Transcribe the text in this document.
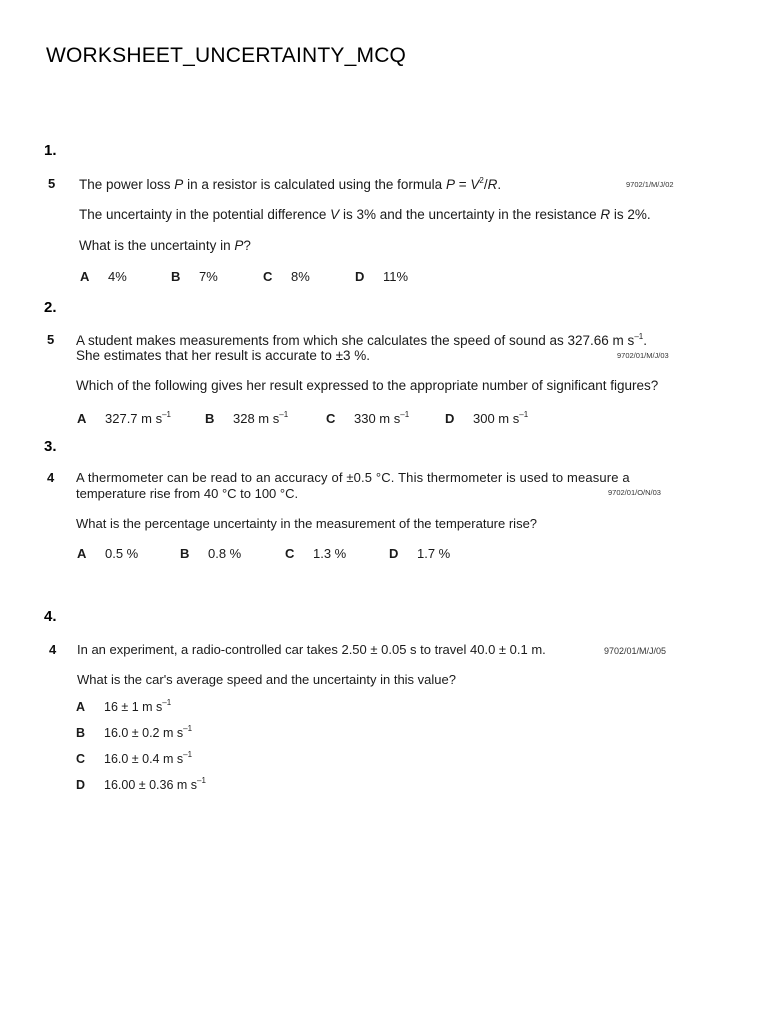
WORKSHEET_UNCERTAINTY_MCQ
1.
5 The power loss P in a resistor is calculated using the formula $P = V^2/R$.	9702/1/M/J/02
The uncertainty in the potential difference V is 3% and the uncertainty in the resistance R is 2%.
What is the uncertainty in P?
A 4%	B 7%	C 8%	D 11%
2.
5 A student makes measurements from which she calculates the speed of sound as 327.66 m $s^{-1}$.
She estimates that her result is accurate to ±3 %.	9702/01/M/J/03
Which of the following gives her result expressed to the appropriate number of significant figures?
A 327.7 m $s^{-1}$	B 328 m $s^{-1}$	C 330 m $s^{-1}$	D 300 m $s^{-1}$
3.
4 A thermometer can be read to an accuracy of ±0.5 °C. This thermometer is used to measure a
temperature rise from 40 °C to 100 °C.	9702/01/O/N/03
What is the percentage uncertainty in the measurement of the temperature rise?
A 0.5 %	B 0.8 %	C 1.3 %	D 1.7 %
4.
4 In an experiment, a radio-controlled car takes 2.50 ± 0.05 s to travel 40.0 ± 0.1 m.	9702/01/M/J/05
What is the car's average speed and the uncertainty in this value?
A 16 ± 1 m $s^{-1}$
B 16.0 ± 0.2 m $s^{-1}$
C 16.0 ± 0.4 m $s^{-1}$
D 16.00 ± 0.36 m $s^{-1}$
